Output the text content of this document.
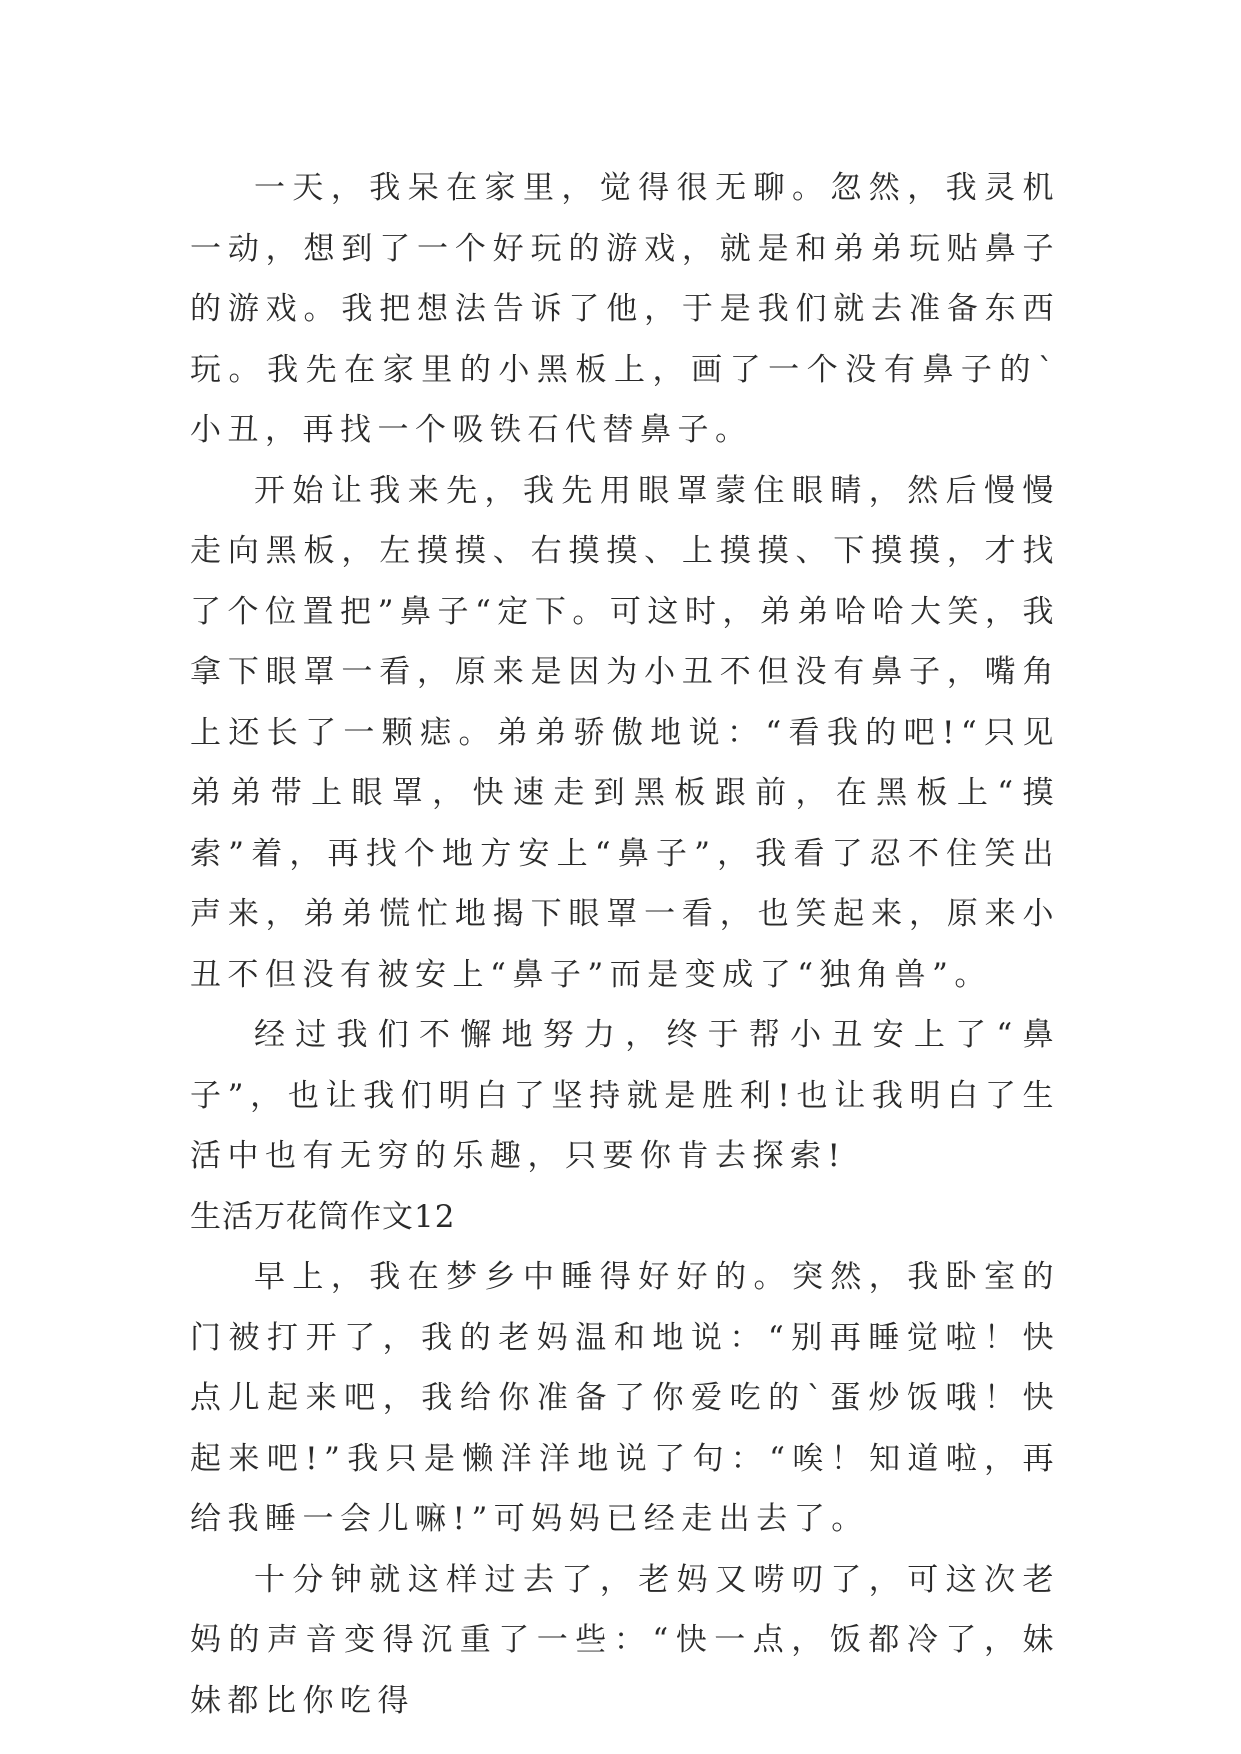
一天，我呆在家里，觉得很无聊。忽然，我灵机一动，想到了一个好玩的游戏，就是和弟弟玩贴鼻子的游戏。我把想法告诉了他，于是我们就去准备东西玩。我先在家里的小黑板上，画了一个没有鼻子的`小丑，再找一个吸铁石代替鼻子。

开始让我来先，我先用眼罩蒙住眼睛，然后慢慢走向黑板，左摸摸、右摸摸、上摸摸、下摸摸，才找了个位置把”鼻子“定下。可这时，弟弟哈哈大笑，我拿下眼罩一看，原来是因为小丑不但没有鼻子，嘴角上还长了一颗痣。弟弟骄傲地说：“看我的吧!“只见弟弟带上眼罩，快速走到黑板跟前，在黑板上“摸索”着，再找个地方安上“鼻子”，我看了忍不住笑出声来，弟弟慌忙地揭下眼罩一看，也笑起来，原来小丑不但没有被安上“鼻子”而是变成了“独角兽”。

经过我们不懈地努力，终于帮小丑安上了“鼻子”，也让我们明白了坚持就是胜利!也让我明白了生活中也有无穷的乐趣，只要你肯去探索!

生活万花筒作文12

早上，我在梦乡中睡得好好的。突然，我卧室的门被打开了，我的老妈温和地说：“别再睡觉啦！快点儿起来吧，我给你准备了你爱吃的`蛋炒饭哦！快起来吧!”我只是懒洋洋地说了句：“唉！知道啦，再给我睡一会儿嘛!”可妈妈已经走出去了。

十分钟就这样过去了，老妈又唠叨了，可这次老妈的声音变得沉重了一些：“快一点，饭都冷了，妹妹都比你吃得
